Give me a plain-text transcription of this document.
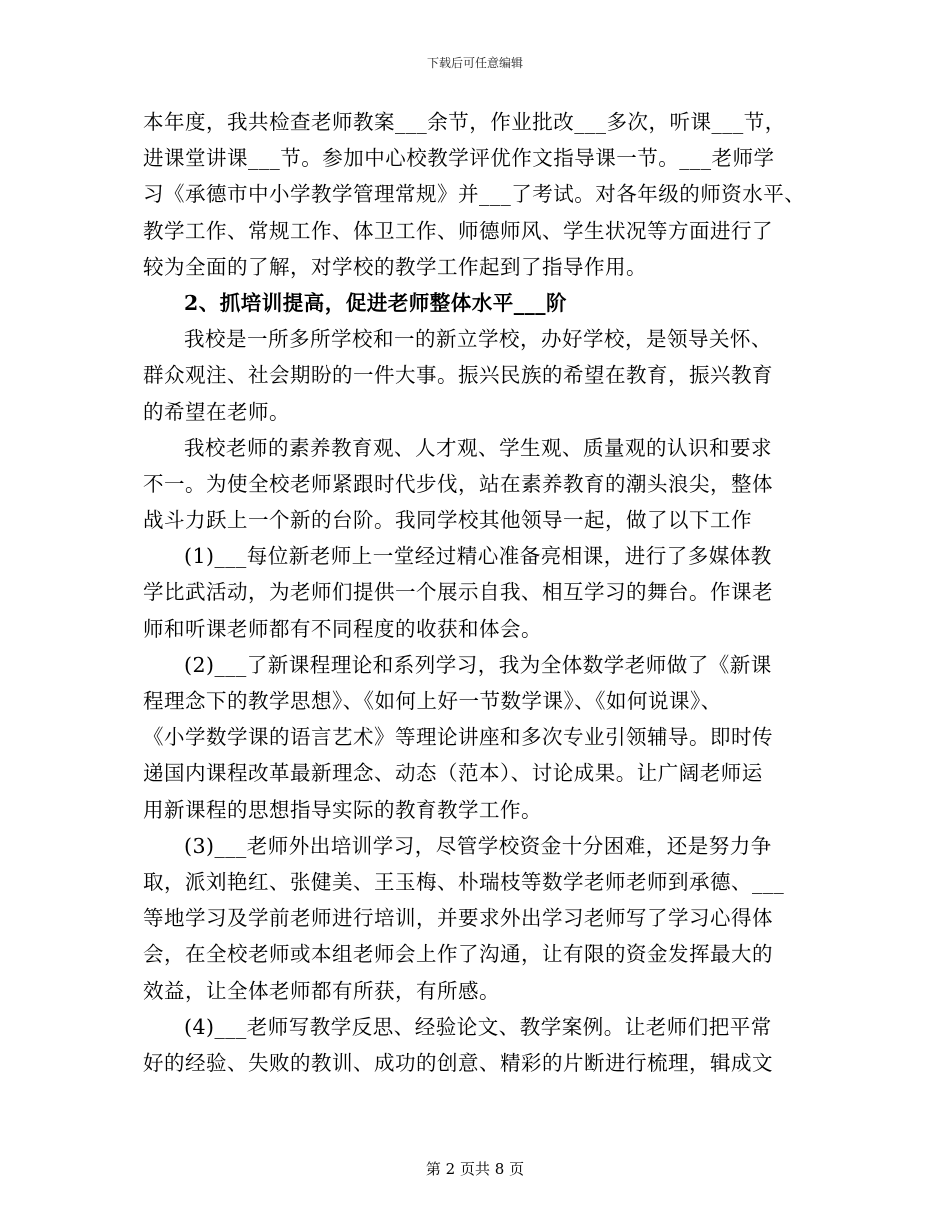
下载后可任意编辑
本年度，我共检查老师教案___余节，作业批改___多次，听课___节，
进课堂讲课___节。参加中心校教学评优作文指导课一节。___老师学
习《承德市中小学教学管理常规》并___了考试。对各年级的师资水平、
教学工作、常规工作、体卫工作、师德师风、学生状况等方面进行了
较为全面的了解，对学校的教学工作起到了指导作用。
2、抓培训提高，促进老师整体水平___阶
我校是一所多所学校和一的新立学校，办好学校，是领导关怀、
群众观注、社会期盼的一件大事。振兴民族的希望在教育，振兴教育
的希望在老师。
我校老师的素养教育观、人才观、学生观、质量观的认识和要求
不一。为使全校老师紧跟时代步伐，站在素养教育的潮头浪尖，整体
战斗力跃上一个新的台阶。我同学校其他领导一起，做了以下工作
(1)___每位新老师上一堂经过精心准备亮相课，进行了多媒体教
学比武活动，为老师们提供一个展示自我、相互学习的舞台。作课老
师和听课老师都有不同程度的收获和体会。
(2)___了新课程理论和系列学习，我为全体数学老师做了《新课
程理念下的教学思想》、《如何上好一节数学课》、《如何说课》、
《小学数学课的语言艺术》等理论讲座和多次专业引领辅导。即时传
递国内课程改革最新理念、动态（范本）、讨论成果。让广阔老师运
用新课程的思想指导实际的教育教学工作。
(3)___老师外出培训学习，尽管学校资金十分困难，还是努力争
取，派刘艳红、张健美、王玉梅、朴瑞枝等数学老师老师到承德、___
等地学习及学前老师进行培训，并要求外出学习老师写了学习心得体
会，在全校老师或本组老师会上作了沟通，让有限的资金发挥最大的
效益，让全体老师都有所获，有所感。
(4)___老师写教学反思、经验论文、教学案例。让老师们把平常
好的经验、失败的教训、成功的创意、精彩的片断进行梳理，辑成文
第 2 页共 8 页
